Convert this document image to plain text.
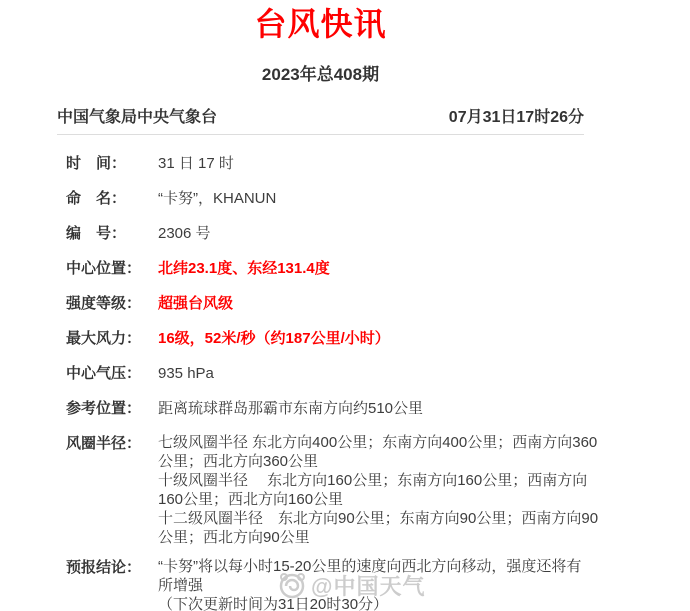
台风快讯
2023年总408期
中国气象局中央气象台	07月31日17时26分
时　间：	31 日 17 时
命　名：	“卡努”，KHANUN
编　号：	2306 号
中心位置：	北纬23.1度、东经131.4度
强度等级：	超强台风级
最大风力：	16级，52米/秒（约187公里/小时）
中心气压：	935 hPa
参考位置：	距离琉球群岛那霸市东南方向约510公里
风圈半径：	七级风圈半径 东北方向400公里；东南方向400公里；西南方向360
公里；西北方向360公里
十级风圈半径　 东北方向160公里；东南方向160公里；西南方向
160公里；西北方向160公里
十二级风圈半径　东北方向90公里；东南方向90公里；西南方向90
公里；西北方向90公里
预报结论：	“卡努”将以每小时15-20公里的速度向西北方向移动，强度还将有
所增强
（下次更新时间为31日20时30分）
@中国天气
